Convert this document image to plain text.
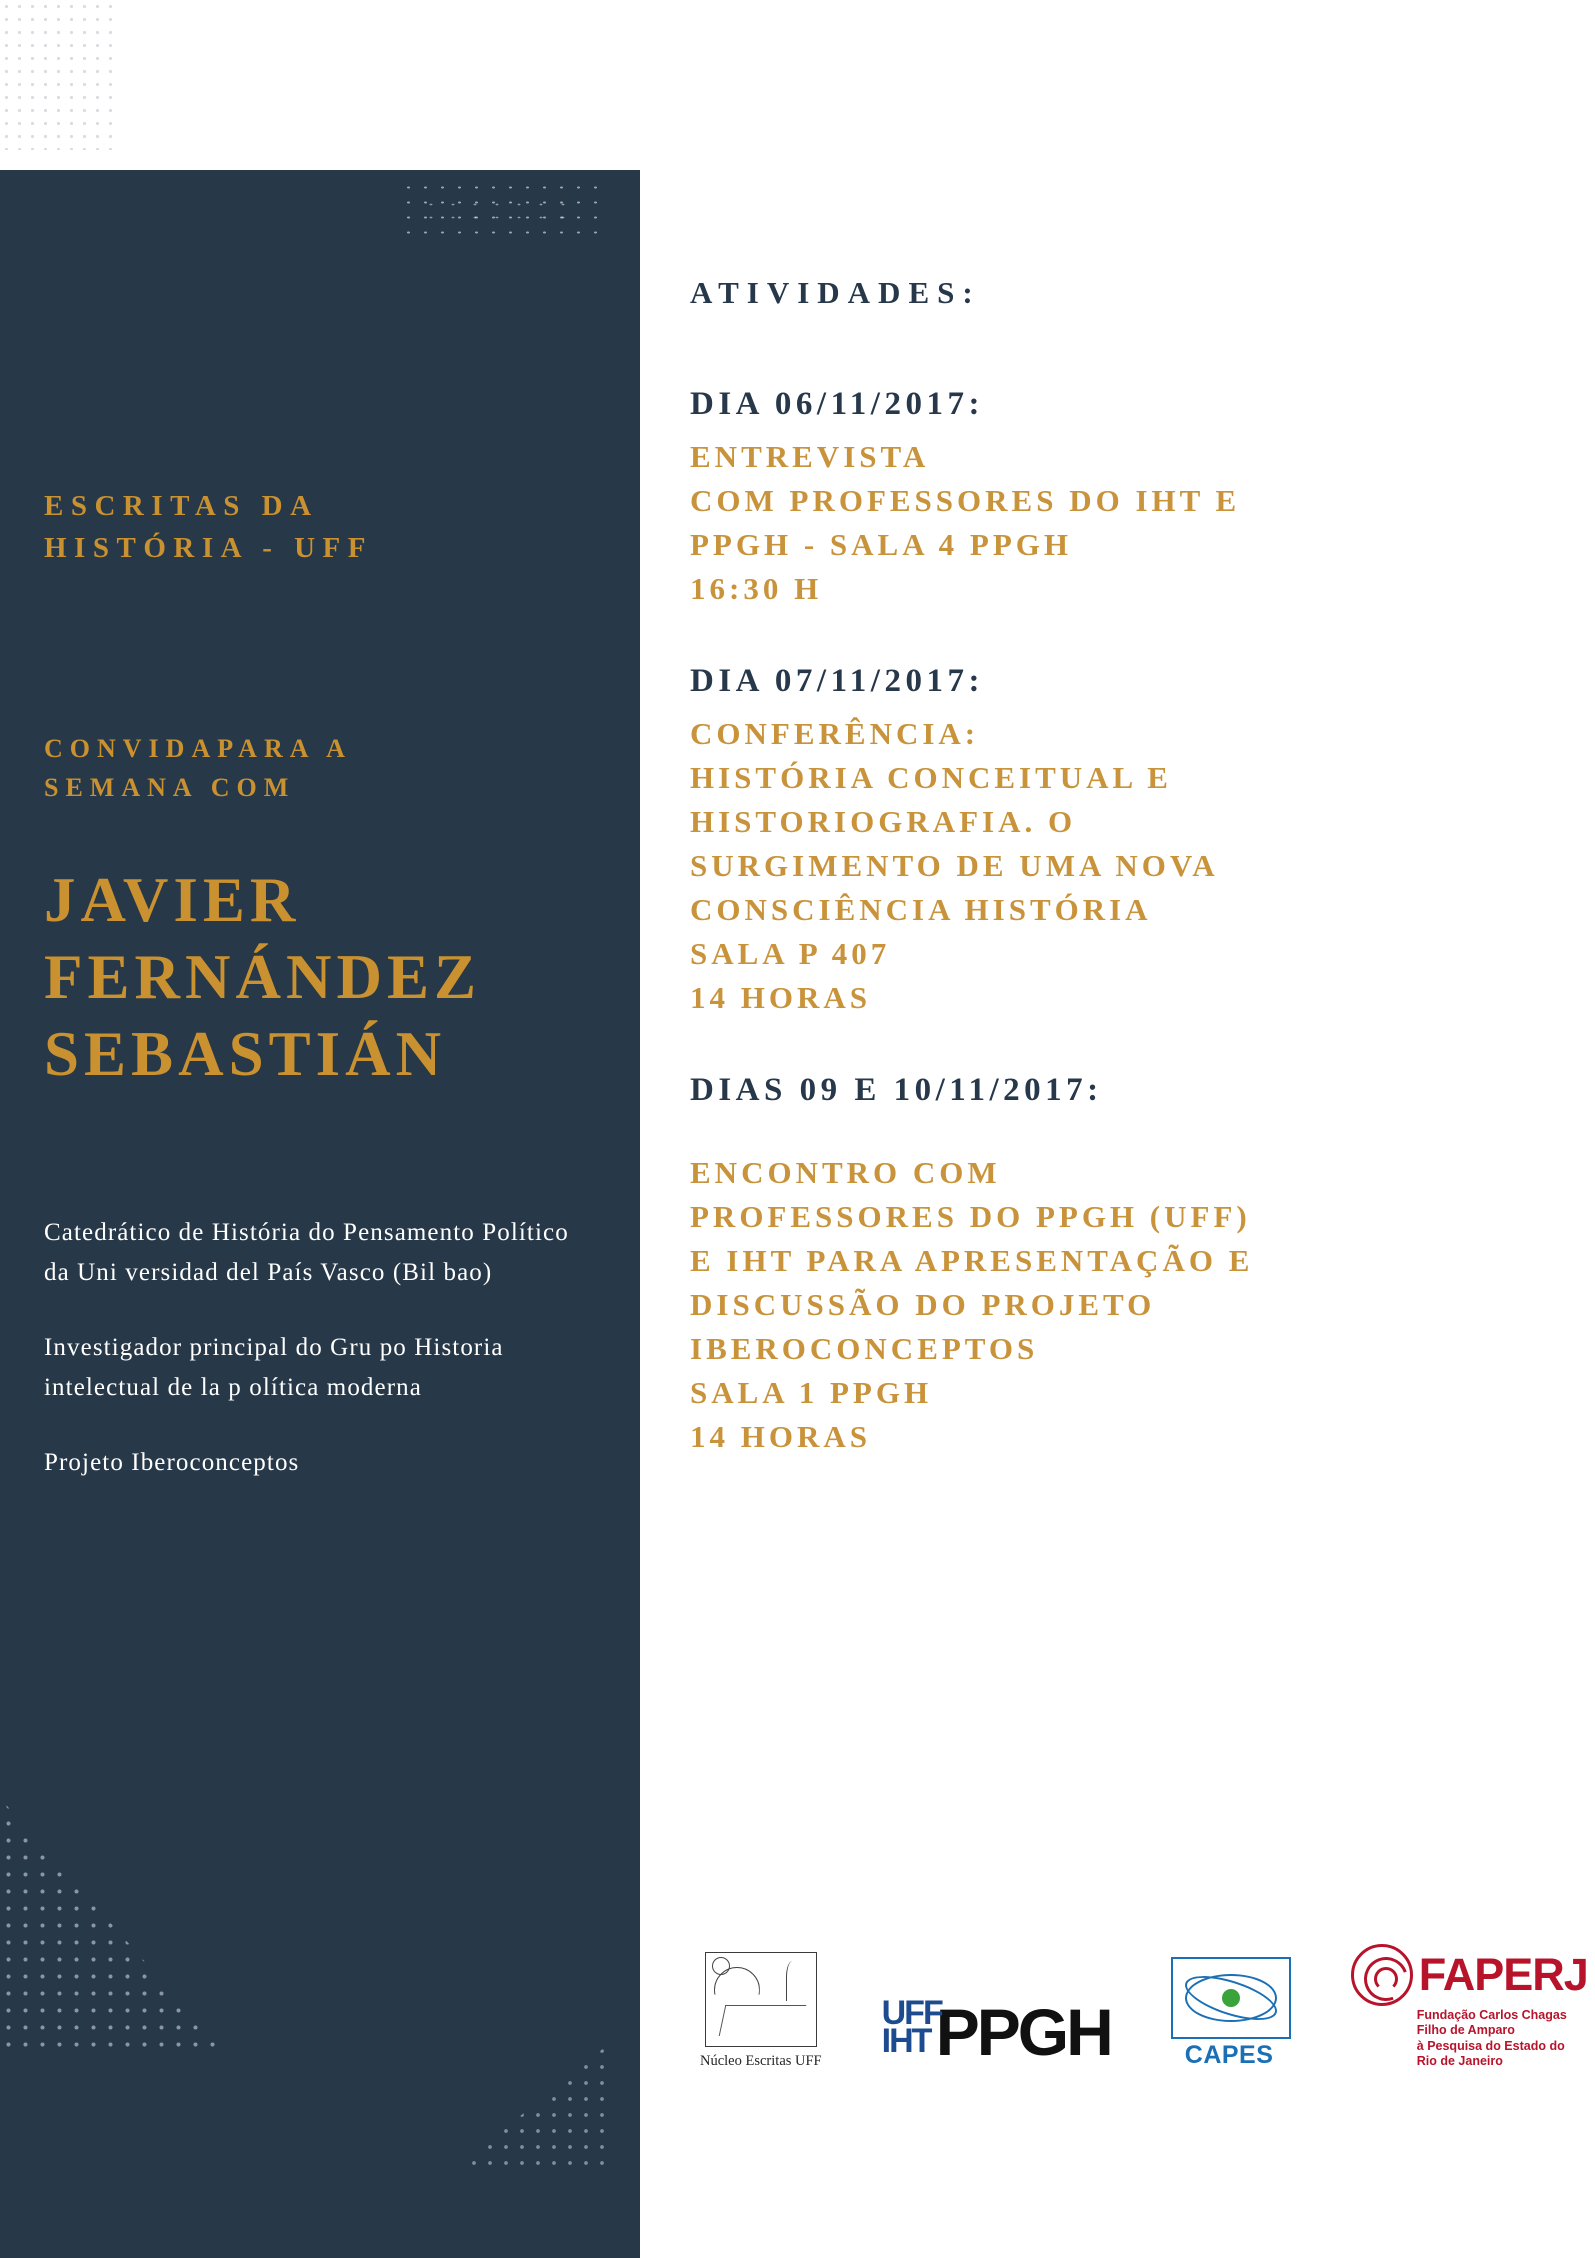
ESCRITAS DA
HISTÓRIA - UFF
CONVIDAPARA A
SEMANA COM
JAVIER
FERNÁNDEZ
SEBASTIÁN

Catedrático de História do Pensamento Político da Uni versidad del País Vasco (Bil bao)

Investigador principal do Gru po Historia intelectual de la p olítica moderna

Projeto Iberoconceptos

ATIVIDADES:
DIA 06/11/2017:
ENTREVISTA
COM PROFESSORES DO IHT E
PPGH - SALA 4 PPGH
16:30 H
DIA 07/11/2017:
CONFERÊNCIA:
HISTÓRIA CONCEITUAL E
HISTORIOGRAFIA. O
SURGIMENTO DE UMA NOVA
CONSCIÊNCIA HISTÓRIA
SALA P 407
14 HORAS
DIAS 09 E 10/11/2017:
ENCONTRO COM
PROFESSORES DO PPGH (UFF)
E IHT PARA APRESENTAÇÃO E
DISCUSSÃO DO PROJETO
IBEROCONCEPTOS
SALA 1 PPGH
14 HORAS
Núcleo Escritas UFF
UFF
IHT PPGH	CAPES
FAPERJ
Fundação Carlos Chagas Filho de Amparo
à Pesquisa do Estado do Rio de Janeiro
